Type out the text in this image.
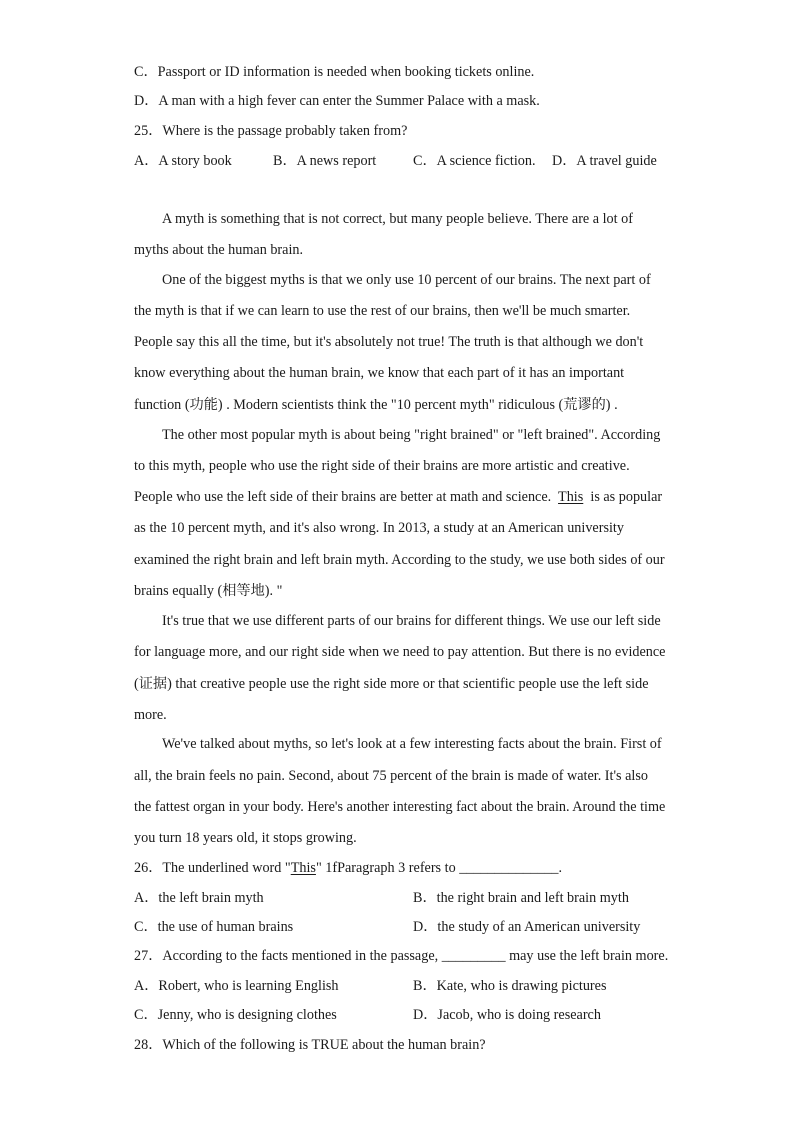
C．Passport or ID information is needed when booking tickets online.
D．A man with a high fever can enter the Summer Palace with a mask.
25．Where is the passage probably taken from?
A．A story book	B．A news report	C．A science fiction. D．A travel guide
A myth is something that is not correct, but many people believe. There are a lot of
myths about the human brain.
One of the biggest myths is that we only use 10 percent of our brains. The next part of
the myth is that if we can learn to use the rest of our brains, then we'll be much smarter.
People say this all the time, but it's absolutely not true! The truth is that although we don't
know everything about the human brain, we know that each part of it has an important
function (功能) . Modern scientists think the "10 percent myth" ridiculous (荒谬的) .
The other most popular myth is about being "right brained" or "left brained". According
to this myth, people who use the right side of their brains are more artistic and creative.
People who use the left side of their brains are better at math and science.  This  is as popular
as the 10 percent myth, and it's also wrong. In 2013, a study at an American university
examined the right brain and left brain myth. According to the study, we use both sides of our
brains equally (相等地). "
It's true that we use different parts of our brains for different things. We use our left side
for language more, and our right side when we need to pay attention. But there is no evidence
(证据) that creative people use the right side more or that scientific people use the left side
more.
We've talked about myths, so let's look at a few interesting facts about the brain. First of
all, the brain feels no pain. Second, about 75 percent of the brain is made of water. It's also
the fattest organ in your body. Here's another interesting fact about the brain. Around the time
you turn 18 years old, it stops growing.
26．The underlined word "This" 1fParagraph 3 refers to ______________.
A．the left brain myth	B．the right brain and left brain myth
C．the use of human brains	D．the study of an American university
27．According to the facts mentioned in the passage, _________ may use the left brain more.
A．Robert, who is learning English	B．Kate, who is drawing pictures
C．Jenny, who is designing clothes	D．Jacob, who is doing research
28．Which of the following is TRUE about the human brain?
